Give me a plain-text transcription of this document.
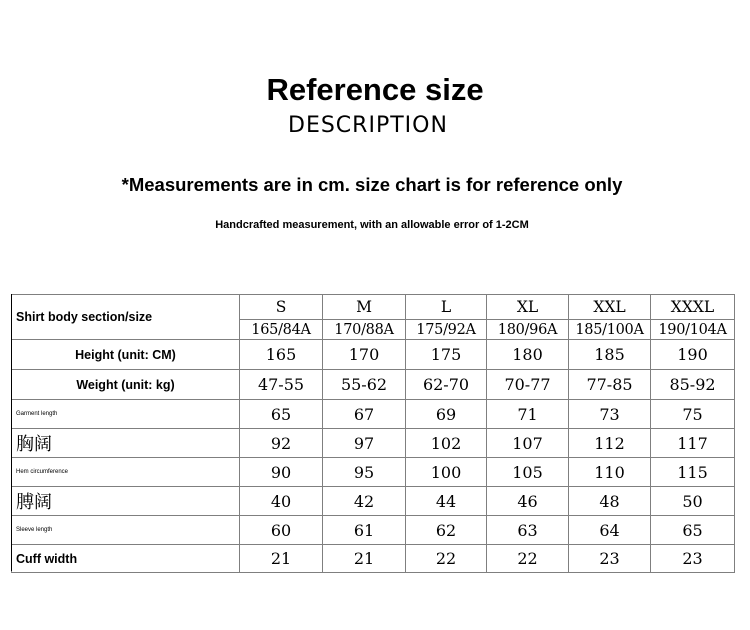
Reference size
DESCRIPTION
*Measurements are in cm. size chart is for reference only
Handcrafted measurement, with an allowable error of 1-2CM
Shirt body section/size	S	M	L	XL	XXL	XXXL
	165/84A	170/88A	175/92A	180/96A	185/100A	190/104A
Height (unit: CM)	165	170	175	180	185	190
Weight (unit: kg)	47-55	55-62	62-70	70-77	77-85	85-92
Garment length	65	67	69	71	73	75
胸阔	92	97	102	107	112	117
Hem circumference	90	95	100	105	110	115
膊阔	40	42	44	46	48	50
Sleeve length	60	61	62	63	64	65
Cuff width	21	21	22	22	23	23
